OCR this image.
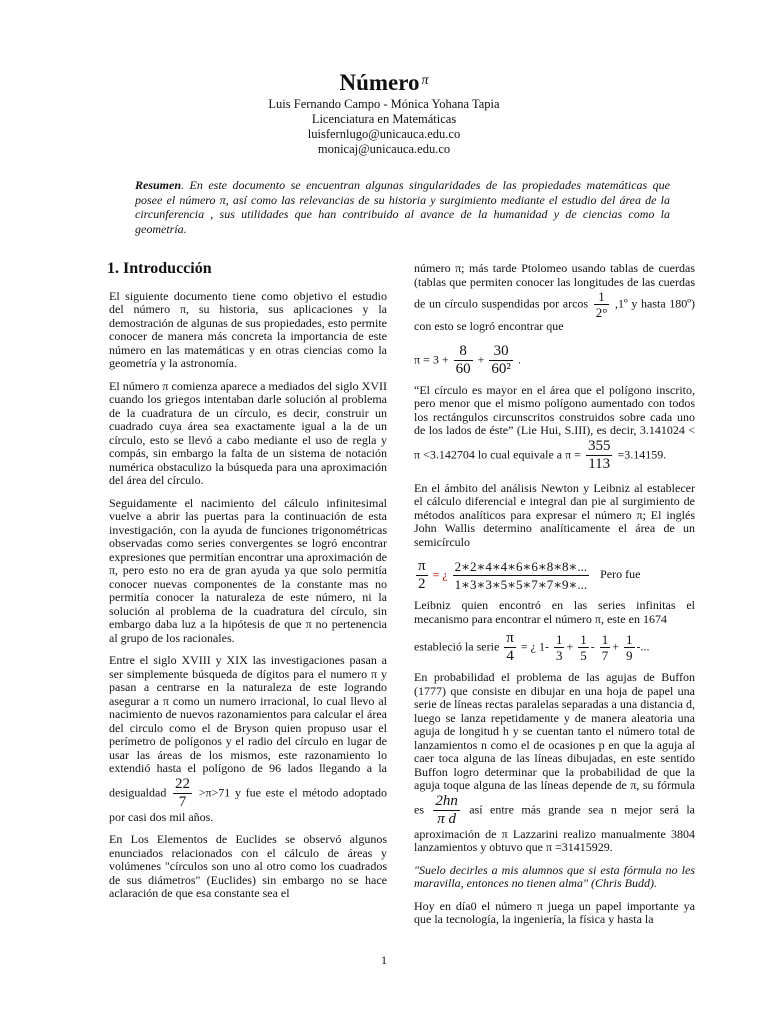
Número $^\pi$
Luis Fernando Campo - Mónica Yohana Tapia
Licenciatura en Matemáticas
luisfernlugo@unicauca.edu.co
monicaj@unicauca.edu.co
Resumen. En este documento se encuentran algunas singularidades de las propiedades matemáticas que posee el número π, así como las relevancias de su historia y surgimiento mediante el estudio del área de la circunferencia , sus utilidades que han contribuido al avance de la humanidad y de ciencias como la geometría.
1. Introducción

El siguiente documento tiene como objetivo el estudio del número π, su historia, sus aplicaciones y la demostración de algunas de sus propiedades, esto permite conocer de manera más concreta la importancia de este número en las matemáticas y en otras ciencias como la geometría y la astronomía.

El número π comienza aparece a mediados del siglo XVII cuando los griegos intentaban darle solución al problema de la cuadratura de un círculo, es decir, construir un cuadrado cuya área sea exactamente igual a la de un círculo, esto se llevó a cabo mediante el uso de regla y compás, sin embargo la falta de un sistema de notación numérica obstaculizo la búsqueda para una aproximación del área del círculo.

Seguidamente el nacimiento del cálculo infinitesimal vuelve a abrir las puertas para la continuación de esta investigación, con la ayuda de funciones trigonométricas observadas como series convergentes se logró encontrar expresiones que permitían encontrar una aproximación de π, pero esto no era de gran ayuda ya que solo permitía conocer nuevas componentes de la constante mas no permitía conocer la naturaleza de este número, ni la solución al problema de la cuadratura del círculo, sin embargo daba luz a la hipótesis de que π no pertenencia al grupo de los racionales.

Entre el siglo XVIII y XIX las investigaciones pasan a ser simplemente búsqueda de dígitos para el numero π y pasan a centrarse en la naturaleza de este logrando asegurar a π como un numero irracional, lo cual llevo al nacimiento de nuevos razonamientos para calcular el área del circulo como el de Bryson quien propuso usar el perímetro de polígonos y el radio del círculo en lugar de usar las áreas de los mismos, este razonamiento lo extendió hasta el polígono de 96 lados llegando a la desigualdad $\frac{22}{7} >\pi>71$ y fue este el método adoptado por casi dos mil años.

En Los Elementos de Euclides se observó algunos enunciados relacionados con el cálculo de áreas y volúmenes "círculos son uno al otro como los cuadrados de sus diámetros" (Euclides) sin embargo no se hace aclaración de que esa constante sea el

número π; más tarde Ptolomeo usando tablas de cuerdas (tablas que permiten conocer las longitudes de las cuerdas de un círculo suspendidas por arcos $\frac{1}{2^\circ}$ ,1º y hasta 180º) con esto se logró encontrar que

$\pi = 3 + \frac{8}{60} + \frac{30}{\text{60²}}$ .

“El círculo es mayor en el área que el polígono inscrito, pero menor que el mismo polígono aumentado con todos los rectángulos circunscritos construidos sobre cada uno de los lados de éste” (Lie Hui, S.III), es decir, 3.141024 < π <3.142704 lo cual equivale a $\pi = \frac{355}{113} =3.14159$.

En el ámbito del análisis Newton y Leibniz al establecer el cálculo diferencial e integral dan pie al surgimiento de métodos analíticos para expresar el número π; El inglés John Wallis determino analíticamente el área de un semicírculo

$\frac{\pi}{2}$ = ¿ $\frac{2∗2∗4∗4∗6∗6∗8∗8∗...}{1∗3∗3∗5∗5∗7∗7∗9∗...}$ Pero fue

Leibniz quien encontró en las series infinitas el mecanismo para encontrar el número π, este en 1674

estableció la serie $\frac{\pi}{4}$ = ¿ $1- \frac{1}{3} + \frac{1}{5} - \frac{1}{7} + \frac{1}{9}$ -...

En probabilidad el problema de las agujas de Buffon (1777) que consiste en dibujar en una hoja de papel una serie de líneas rectas paralelas separadas a una distancia d, luego se lanza repetidamente y de manera aleatoria una aguja de longitud h y se cuentan tanto el número total de lanzamientos n como el de ocasiones p en que la aguja al caer toca alguna de las líneas dibujadas, en este sentido Buffon logro determinar que la probabilidad de que la aguja toque alguna de las líneas depende de π, su fórmula es $\frac{2hn}{\text{π d}}$ así entre más grande sea n mejor será la aproximación de π Lazzarini realizo manualmente 3804 lanzamientos y obtuvo que π =31415929.

"Suelo decirles a mis alumnos que si esta fórmula no les maravilla, entonces no tienen alma" (Chris Budd).

Hoy en día0 el número π juega un papel importante ya que la tecnología, la ingeniería, la física y hasta la

1
